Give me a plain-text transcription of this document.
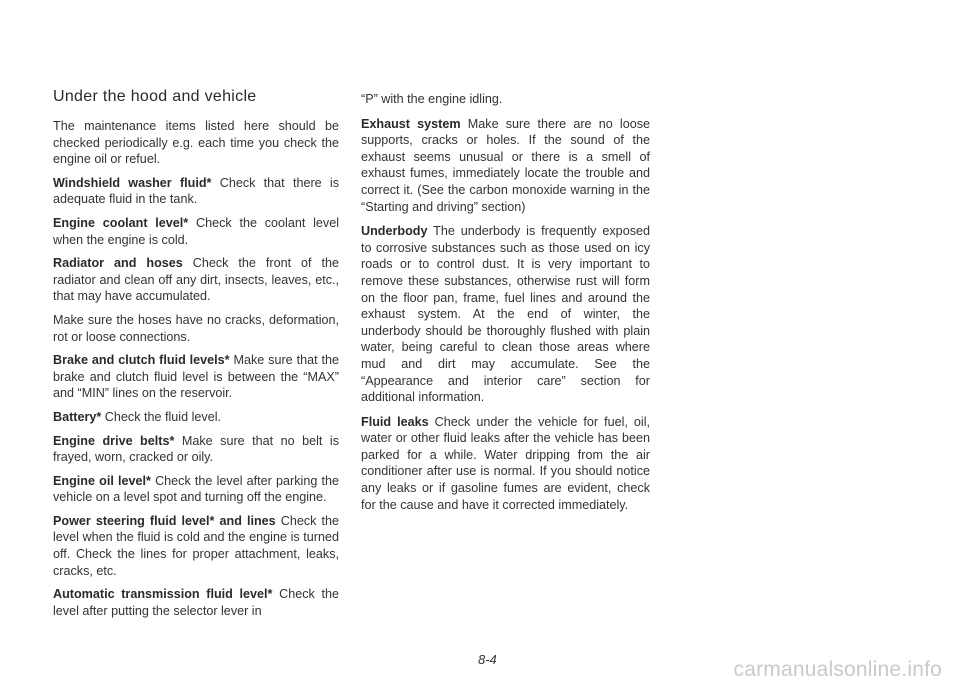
Under the hood and vehicle

The maintenance items listed here should be checked periodically e.g. each time you check the engine oil or refuel.

Windshield washer fluid* Check that there is adequate fluid in the tank.

Engine coolant level* Check the coolant level when the engine is cold.

Radiator and hoses Check the front of the radiator and clean off any dirt, insects, leaves, etc., that may have accumulated.

Make sure the hoses have no cracks, deformation, rot or loose connections.

Brake and clutch fluid levels* Make sure that the brake and clutch fluid level is between the “MAX” and “MIN” lines on the reservoir.

Battery* Check the fluid level.

Engine drive belts* Make sure that no belt is frayed, worn, cracked or oily.

Engine oil level* Check the level after parking the vehicle on a level spot and turning off the engine.

Power steering fluid level* and lines Check the level when the fluid is cold and the engine is turned off. Check the lines for proper attachment, leaks, cracks, etc.

Automatic transmission fluid level* Check the level after putting the selector lever in

“P” with the engine idling.

Exhaust system Make sure there are no loose supports, cracks or holes. If the sound of the exhaust seems unusual or there is a smell of exhaust fumes, immediately locate the trouble and correct it. (See the carbon monoxide warning in the “Starting and driving” section)

Underbody The underbody is frequently exposed to corrosive substances such as those used on icy roads or to control dust. It is very important to remove these substances, otherwise rust will form on the floor pan, frame, fuel lines and around the exhaust system. At the end of winter, the underbody should be thoroughly flushed with plain water, being careful to clean those areas where mud and dirt may accumulate. See the “Appearance and interior care” section for additional information.

Fluid leaks Check under the vehicle for fuel, oil, water or other fluid leaks after the vehicle has been parked for a while. Water dripping from the air conditioner after use is normal. If you should notice any leaks or if gasoline fumes are evident, check for the cause and have it corrected immediately.

8-4	carmanualsonline.info
